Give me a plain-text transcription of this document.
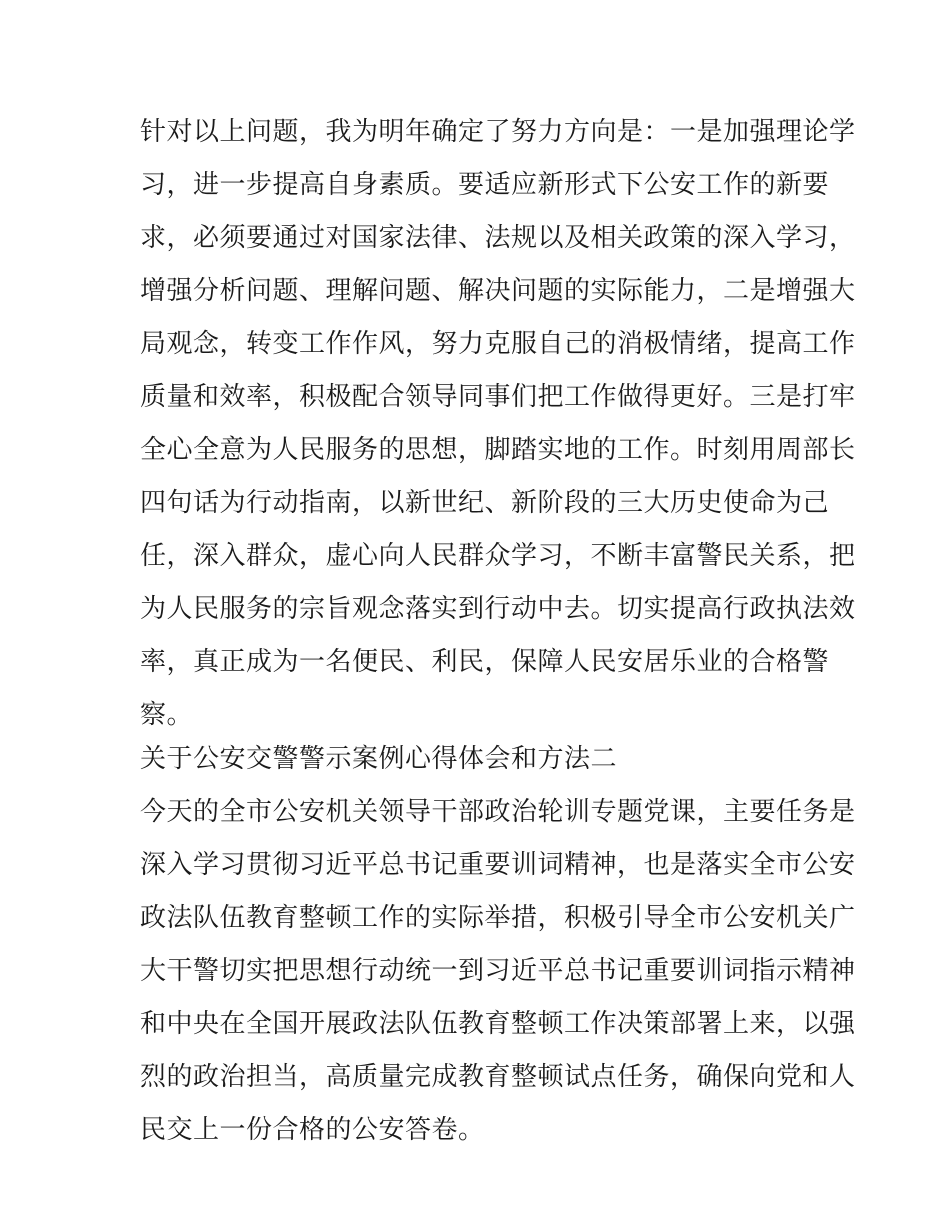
针对以上问题，我为明年确定了努力方向是：一是加强理论学
习，进一步提高自身素质。要适应新形式下公安工作的新要
求，必须要通过对国家法律、法规以及相关政策的深入学习，
增强分析问题、理解问题、解决问题的实际能力，二是增强大
局观念，转变工作作风，努力克服自己的消极情绪，提高工作
质量和效率，积极配合领导同事们把工作做得更好。三是打牢
全心全意为人民服务的思想，脚踏实地的工作。时刻用周部长
四句话为行动指南，以新世纪、新阶段的三大历史使命为己
任，深入群众，虚心向人民群众学习，不断丰富警民关系，把
为人民服务的宗旨观念落实到行动中去。切实提高行政执法效
率，真正成为一名便民、利民，保障人民安居乐业的合格警
察。
关于公安交警警示案例心得体会和方法二
今天的全市公安机关领导干部政治轮训专题党课，主要任务是
深入学习贯彻习近平总书记重要训词精神，也是落实全市公安
政法队伍教育整顿工作的实际举措，积极引导全市公安机关广
大干警切实把思想行动统一到习近平总书记重要训词指示精神
和中央在全国开展政法队伍教育整顿工作决策部署上来，以强
烈的政治担当，高质量完成教育整顿试点任务，确保向党和人
民交上一份合格的公安答卷。
